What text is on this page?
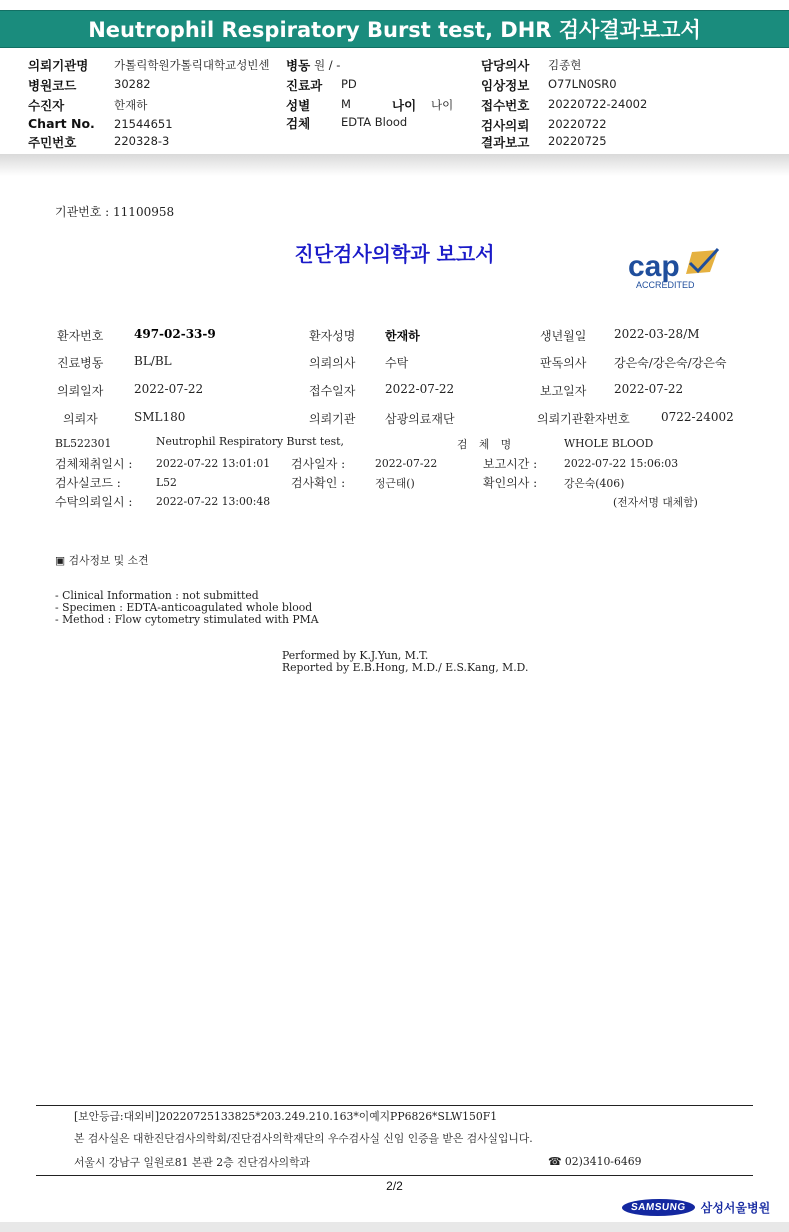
Neutrophil Respiratory Burst test, DHR 검사결과보고서
의뢰기관명 가톨릭학원가톨릭대학교성빈센 병동 원 / -	담당의사 김종현
병원코드	30282	진료과 PD	임상정보 O77LN0SR0
수진자	한재하	성별	M	나이 나이 접수번호 20220722-24002
Chart No. 21544651	검체	EDTA Blood	검사의뢰 20220722
주민번호	220328-3	결과보고 20220725
기관번호 : 11100958
진단검사의학과 보고서	cap
ACCREDITED
환자번호	497-02-33-9	환자성명 한재하	생년월일 2022-03-28/M
진료병동	BL/BL	의뢰의사 수탁	판독의사 강은숙/강은숙/강은숙
의뢰일자	2022-07-22	접수일자 2022-07-22	보고일자 2022-07-22
의뢰자	SML180	의뢰기관 삼광의료재단	의뢰기관환자번호	0722-24002
BL522301	Neutrophil Respiratory Burst test,	검 체 명	WHOLE BLOOD
검체채취일시 : 2022-07-22 13:01:01 검사일자 :	2022-07-22	보고시간 : 2022-07-22 15:06:03
검사실코드 :	L52	검사확인 :	정근태()	확인의사 : 강은숙(406)
수탁의뢰일시 : 2022-07-22 13:00:48	(전자서명 대체함)
▣ 검사정보 및 소견
- Clinical Information : not submitted
- Specimen : EDTA-anticoagulated whole blood
- Method : Flow cytometry stimulated with PMA
Performed by K.J.Yun, M.T.
Reported by E.B.Hong, M.D./ E.S.Kang, M.D.
[보안등급:대외비]20220725133825*203.249.210.163*이예지PP6826*SLW150F1
본 검사실은 대한진단검사의학회/진단검사의학재단의 우수검사실 신임 인증을 받은 검사실입니다.
서울시 강남구 일원로81 본관 2층 진단검사의학과	☎ 02)3410-6469
2/2
SAMSUNG	삼성서울병원
